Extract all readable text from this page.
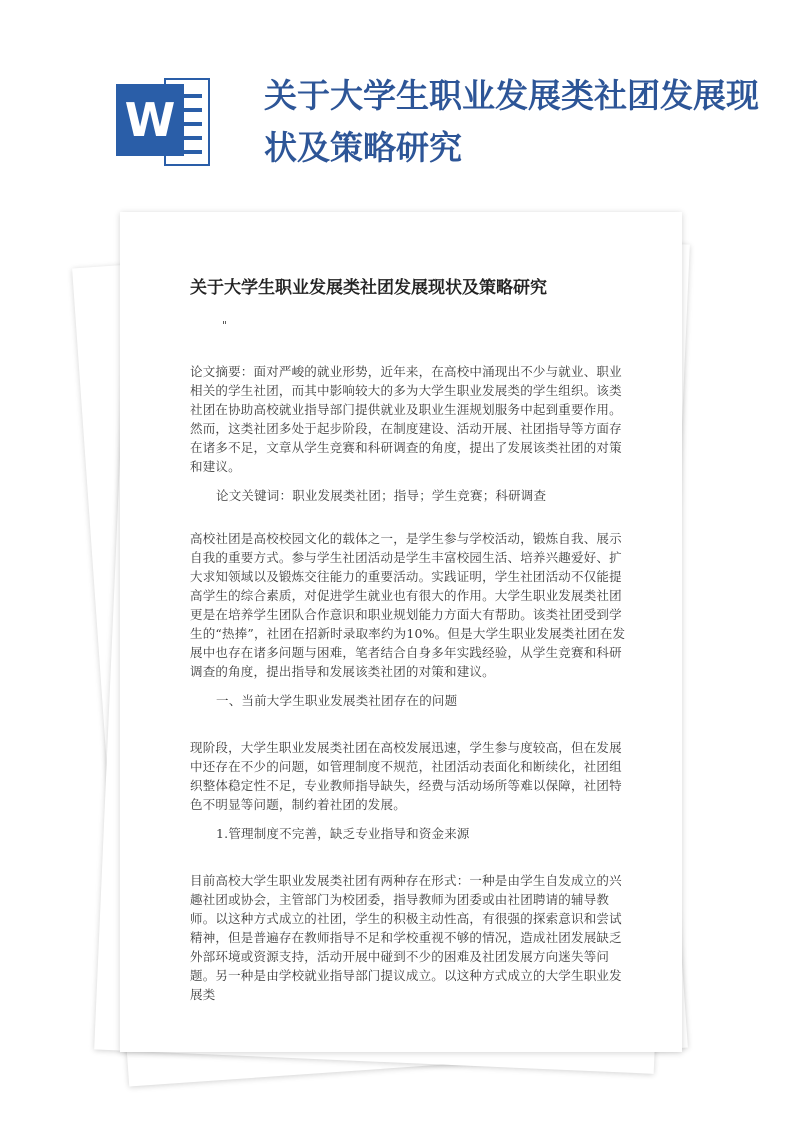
W	关于大学生职业发展类社团发展现状及策略研究
关于大学生职业发展类社团发展现状及策略研究
"

论文摘要：面对严峻的就业形势，近年来，在高校中涌现出不少与就业、职业相关的学生社团，而其中影响较大的多为大学生职业发展类的学生组织。该类社团在协助高校就业指导部门提供就业及职业生涯规划服务中起到重要作用。然而，这类社团多处于起步阶段，在制度建设、活动开展、社团指导等方面存在诸多不足，文章从学生竞赛和科研调查的角度，提出了发展该类社团的对策和建议。

论文关键词：职业发展类社团；指导；学生竞赛；科研调查

高校社团是高校校园文化的载体之一，是学生参与学校活动，锻炼自我、展示自我的重要方式。参与学生社团活动是学生丰富校园生活、培养兴趣爱好、扩大求知领域以及锻炼交往能力的重要活动。实践证明，学生社团活动不仅能提高学生的综合素质，对促进学生就业也有很大的作用。大学生职业发展类社团更是在培养学生团队合作意识和职业规划能力方面大有帮助。该类社团受到学生的“热捧”，社团在招新时录取率约为10%。但是大学生职业发展类社团在发展中也存在诸多问题与困难，笔者结合自身多年实践经验，从学生竞赛和科研调查的角度，提出指导和发展该类社团的对策和建议。

一、当前大学生职业发展类社团存在的问题

现阶段，大学生职业发展类社团在高校发展迅速，学生参与度较高，但在发展中还存在不少的问题，如管理制度不规范，社团活动表面化和断续化，社团组织整体稳定性不足，专业教师指导缺失，经费与活动场所等难以保障，社团特色不明显等问题，制约着社团的发展。

1.管理制度不完善，缺乏专业指导和资金来源

目前高校大学生职业发展类社团有两种存在形式：一种是由学生自发成立的兴趣社团或协会，主管部门为校团委，指导教师为团委或由社团聘请的辅导教师。以这种方式成立的社团，学生的积极主动性高，有很强的探索意识和尝试精神，但是普遍存在教师指导不足和学校重视不够的情况，造成社团发展缺乏外部环境或资源支持，活动开展中碰到不少的困难及社团发展方向迷失等问题。另一种是由学校就业指导部门提议成立。以这种方式成立的大学生职业发展类
